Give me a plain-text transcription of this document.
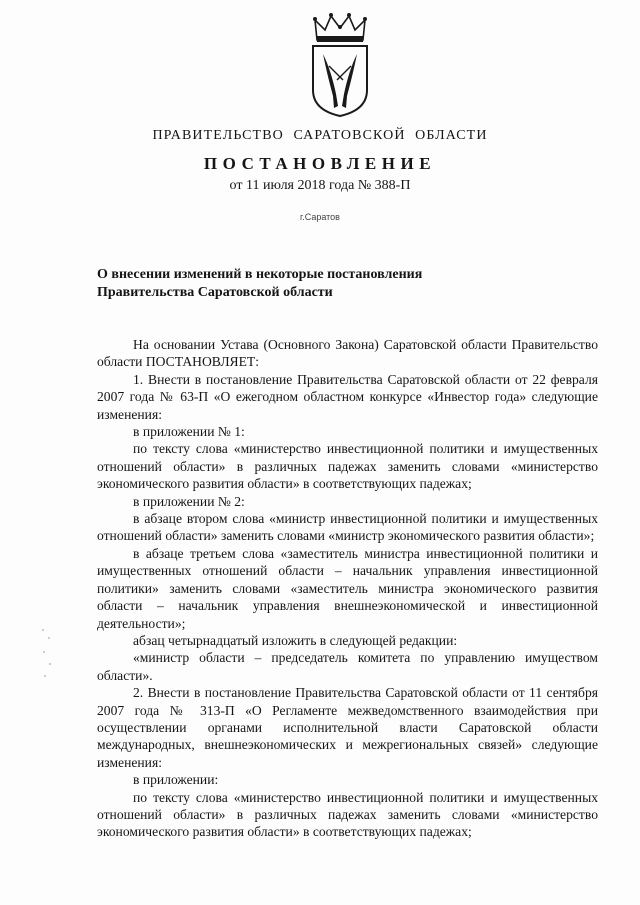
ПРАВИТЕЛЬСТВО САРАТОВСКОЙ ОБЛАСТИ
ПОСТАНОВЛЕНИЕ
от 11 июля 2018 года № 388-П
г.Саратов
О внесении изменений в некоторые постановления
Правительства Саратовской области

На основании Устава (Основного Закона) Саратовской области Правительство области ПОСТАНОВЛЯЕТ:

1. Внести в постановление Правительства Саратовской области от 22 февраля 2007 года № 63-П «О ежегодном областном конкурсе «Инвестор года» следующие изменения:

в приложении № 1:

по тексту слова «министерство инвестиционной политики и имущественных отношений области» в различных падежах заменить словами «министерство экономического развития области» в соответствующих падежах;

в приложении № 2:

в абзаце втором слова «министр инвестиционной политики и имущественных отношений области» заменить словами «министр экономического развития области»;

в абзаце третьем слова «заместитель министра инвестиционной политики и имущественных отношений области – начальник управления инвестиционной политики» заменить словами «заместитель министра экономического развития области – начальник управления внешнеэкономической и инвестиционной деятельности»;

абзац четырнадцатый изложить в следующей редакции:

«министр области – председатель комитета по управлению имуществом области».

2. Внести в постановление Правительства Саратовской области от 11 сентября 2007 года № 313-П «О Регламенте межведомственного взаимодействия при осуществлении органами исполнительной власти Саратовской области международных, внешнеэкономических и межрегиональных связей» следующие изменения:

в приложении:

по тексту слова «министерство инвестиционной политики и имущественных отношений области» в различных падежах заменить словами «министерство экономического развития области» в соответствующих падежах;
